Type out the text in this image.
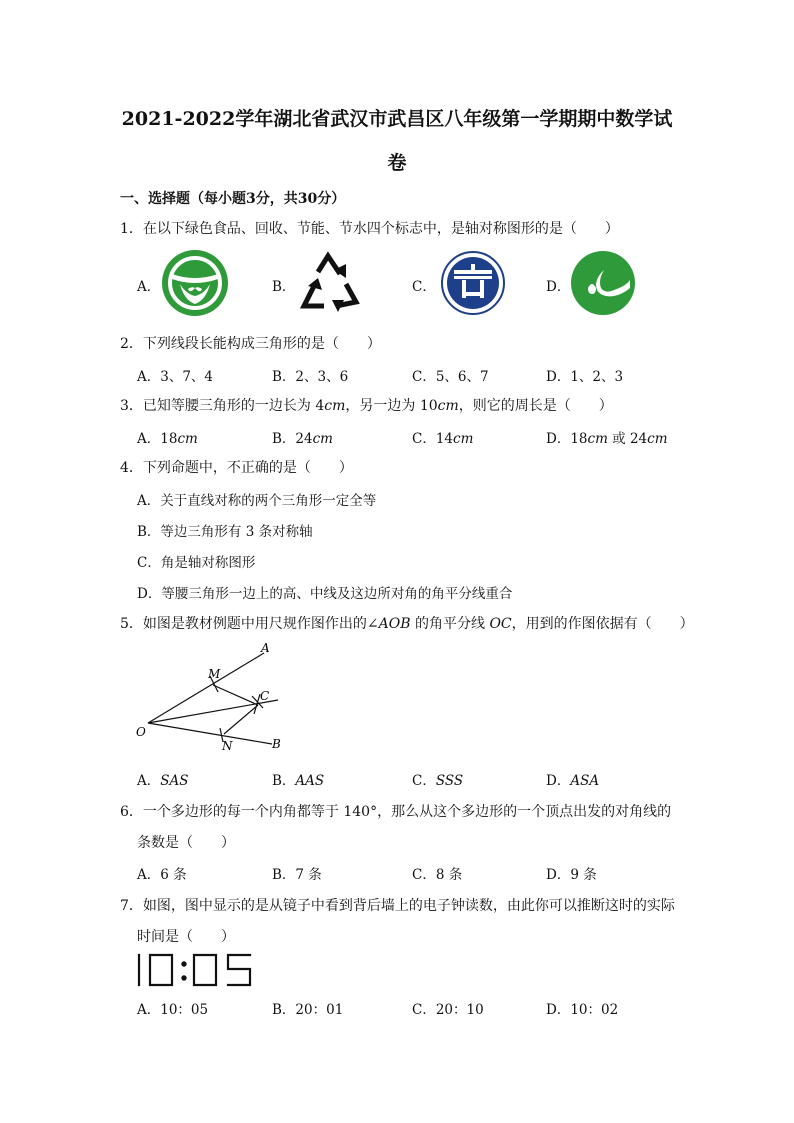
2021-2022学年湖北省武汉市武昌区八年级第一学期期中数学试
卷
一、选择题（每小题3分，共30分）
1．在以下绿色食品、回收、节能、节水四个标志中，是轴对称图形的是（　　）
A．	B．	C．	D．
2．下列线段长能构成三角形的是（　　）
A．3、7、4	B．2、3、6	C．5、6、7	D．1、2、3
3．已知等腰三角形的一边长为 4cm，另一边为 10cm，则它的周长是（　　）
A．18cm	B．24cm	C．14cm	D．18cm 或 24cm
4．下列命题中，不正确的是（　　）
A．关于直线对称的两个三角形一定全等
B．等边三角形有 3 条对称轴
C．角是轴对称图形
D．等腰三角形一边上的高、中线及这边所对角的角平分线重合
5．如图是教材例题中用尺规作图作出的∠AOB 的角平分线 OC，用到的作图依据有（　　）
A
M
C
O
N	B
A．SAS	B．AAS	C．SSS	D．ASA
6．一个多边形的每一个内角都等于 140°，那么从这个多边形的一个顶点出发的对角线的
条数是（　　）
A．6 条	B．7 条	C．8 条	D．9 条
7．如图，图中显示的是从镜子中看到背后墙上的电子钟读数，由此你可以推断这时的实际
时间是（　　）
A．10：05	B．20：01	C．20：10	D．10：02
